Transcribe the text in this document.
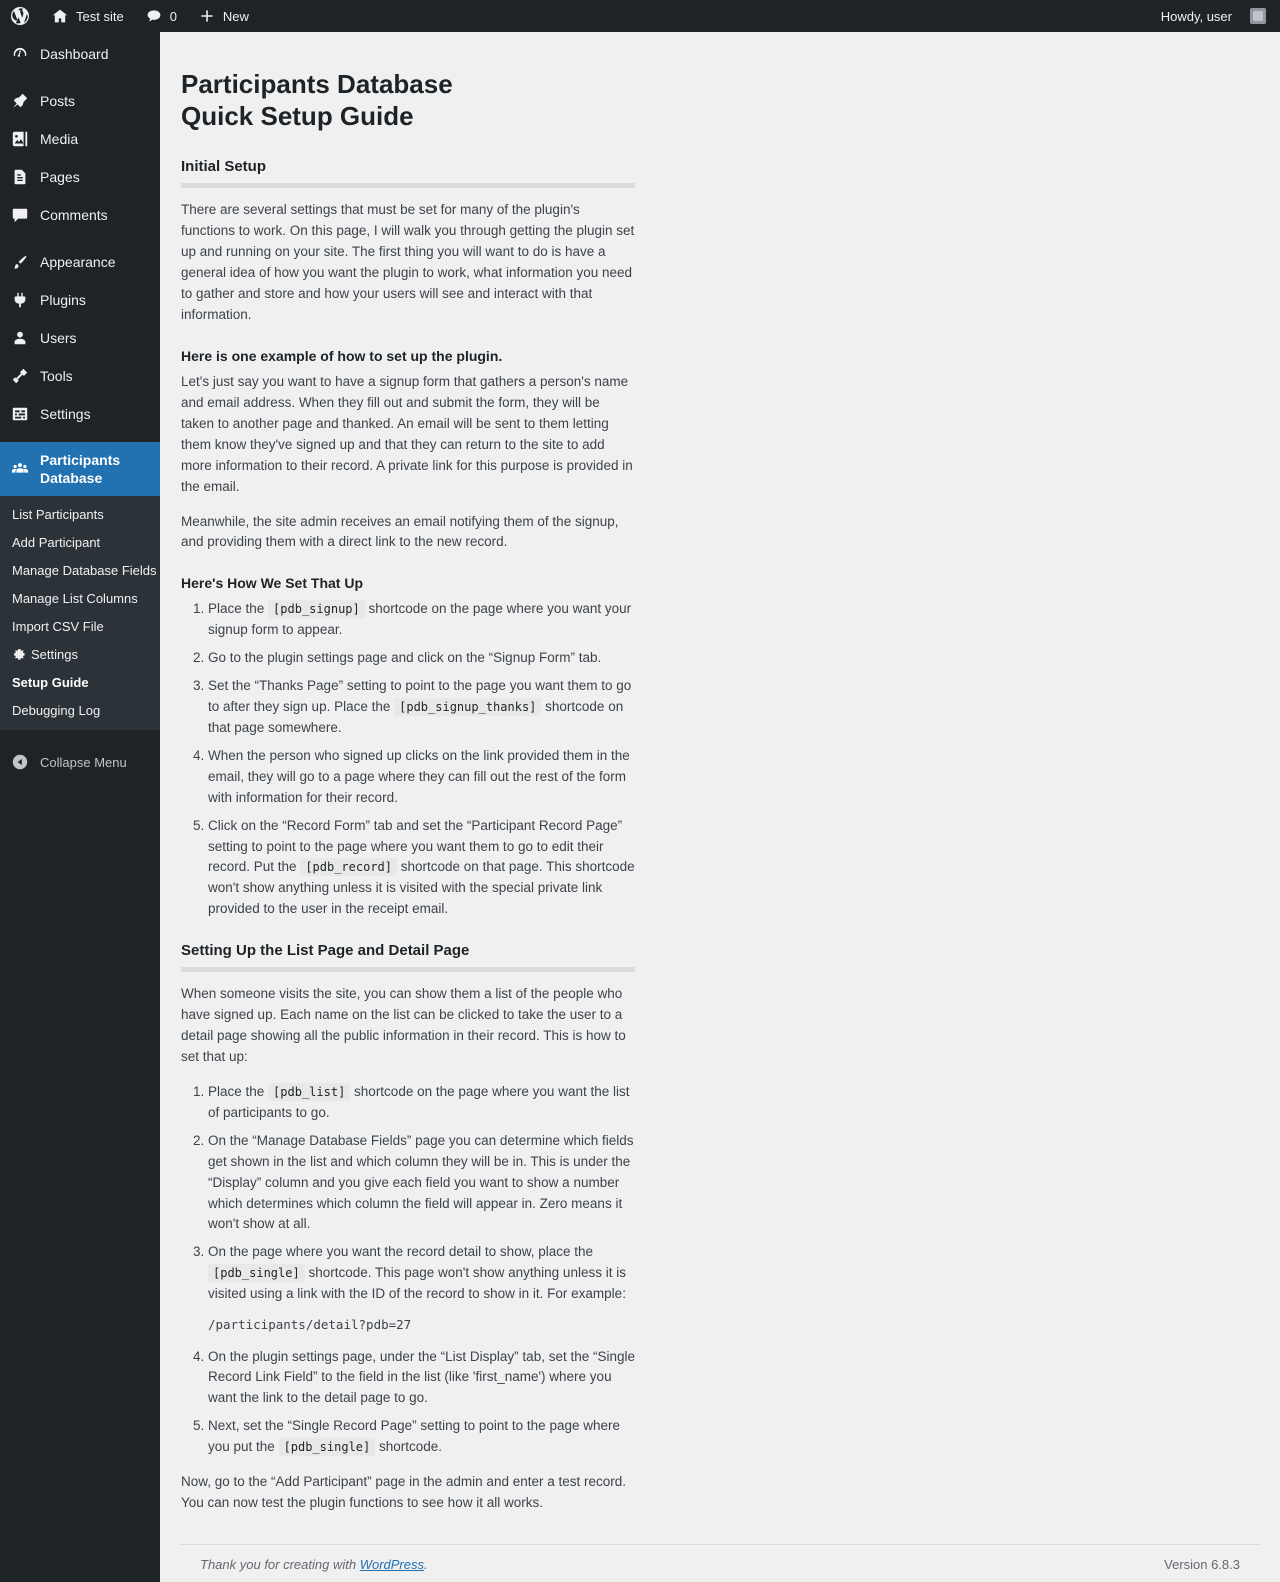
Test site	0	New	Howdy, user
Dashboard
Posts
Media
Pages
Comments
Appearance
Plugins
Users
Tools
Settings
Participants Database
List Participants
Add Participant
Manage Database Fields
Manage List Columns
Import CSV File
Settings
Setup Guide
Debugging Log
Collapse Menu
Participants Database
Quick Setup Guide
Initial Setup

There are several settings that must be set for many of the plugin's functions to work. On this page, I will walk you through getting the plugin set up and running on your site. The first thing you will want to do is have a general idea of how you want the plugin to work, what information you need to gather and store and how your users will see and interact with that information.

Here is one example of how to set up the plugin.

Let's just say you want to have a signup form that gathers a person's name and email address. When they fill out and submit the form, they will be taken to another page and thanked. An email will be sent to them letting them know they've signed up and that they can return to the site to add more information to their record. A private link for this purpose is provided in the email.

Meanwhile, the site admin receives an email notifying them of the signup, and providing them with a direct link to the new record.

Here's How We Set That Up
1. Place the [pdb_signup] shortcode on the page where you want your signup form to appear.
2. Go to the plugin settings page and click on the “Signup Form” tab.
3. Set the “Thanks Page” setting to point to the page you want them to go to after they sign up. Place the [pdb_signup_thanks] shortcode on that page somewhere.
4. When the person who signed up clicks on the link provided them in the email, they will go to a page where they can fill out the rest of the form with information for their record.
5. Click on the “Record Form” tab and set the “Participant Record Page” setting to point to the page where you want them to go to edit their record. Put the [pdb_record] shortcode on that page. This shortcode won't show anything unless it is visited with the special private link provided to the user in the receipt email.
Setting Up the List Page and Detail Page

When someone visits the site, you can show them a list of the people who have signed up. Each name on the list can be clicked to take the user to a detail page showing all the public information in their record. This is how to set that up:

1. Place the [pdb_list] shortcode on the page where you want the list of participants to go.
2. On the “Manage Database Fields” page you can determine which fields get shown in the list and which column they will be in. This is under the “Display” column and you give each field you want to show a number which determines which column the field will appear in. Zero means it won't show at all.
3. On the page where you want the record detail to show, place the [pdb_single] shortcode. This page won't show anything unless it is visited using a link with the ID of the record to show in it. For example:
/participants/detail?pdb=27
4. On the plugin settings page, under the “List Display” tab, set the “Single Record Link Field” to the field in the list (like 'first_name') where you want the link to the detail page to go.
5. Next, set the “Single Record Page” setting to point to the page where you put the [pdb_single] shortcode.

Now, go to the “Add Participant” page in the admin and enter a test record. You can now test the plugin functions to see how it all works.

Thank you for creating with WordPress.	Version 6.8.3
